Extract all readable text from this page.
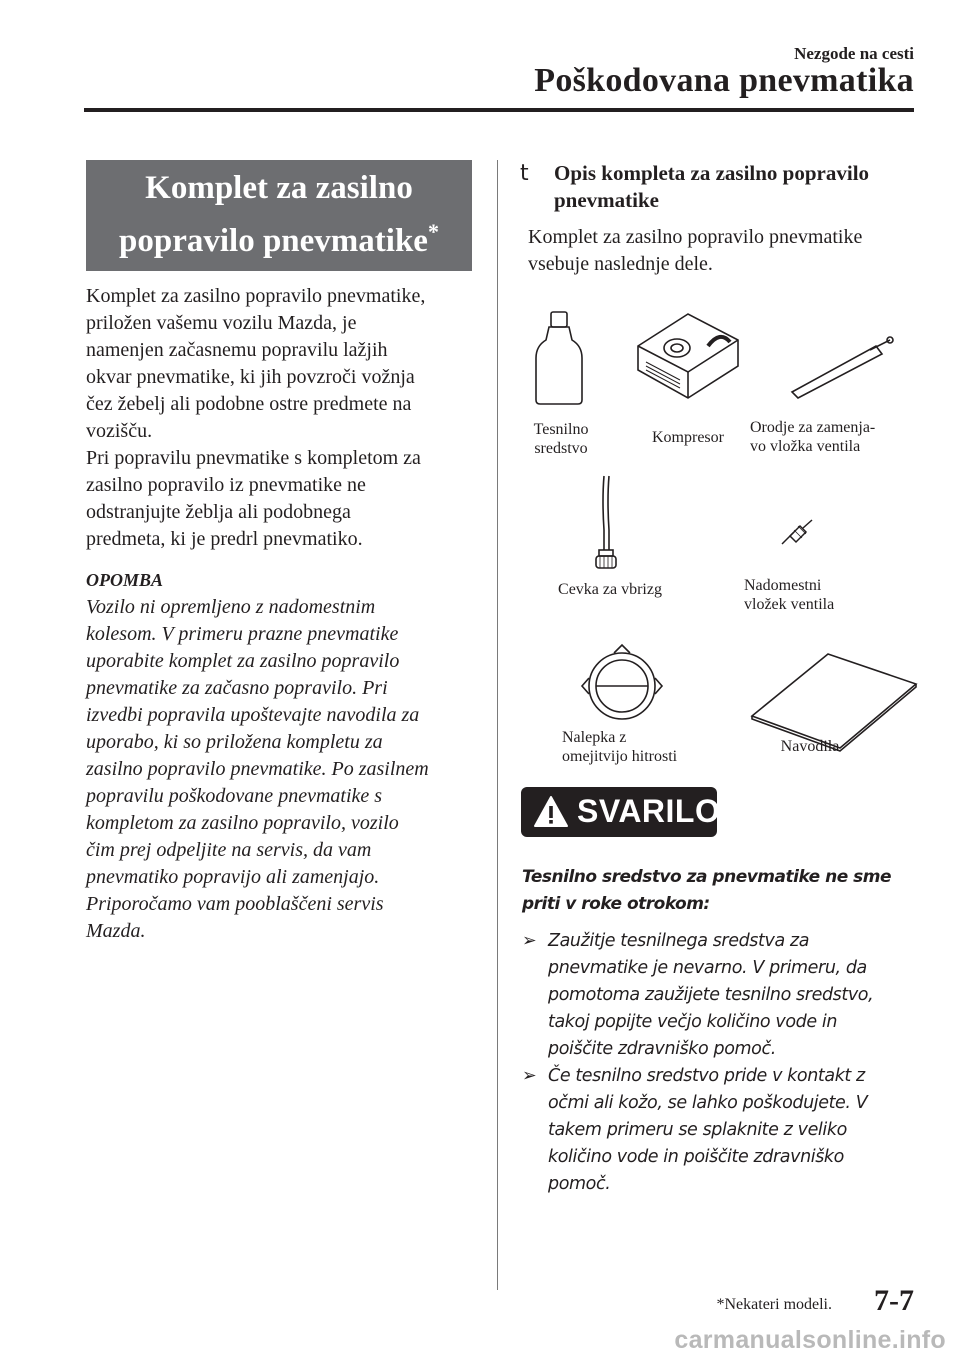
Nezgode na cesti
Poškodovana pnevmatika
Komplet za zasilno
popravilo pnevmatike*

Komplet za zasilno popravilo pnevmatike,

priložen vašemu vozilu Mazda, je

namenjen začasnemu popravilu lažjih

okvar pnevmatike, ki jih povzroči vožnja

čez žebelj ali podobne ostre predmete na

vozišču.

Pri popravilu pnevmatike s kompletom za

zasilno popravilo iz pnevmatike ne

odstranjujte žeblja ali podobnega

predmeta, ki je predrl pnevmatiko.

OPOMBA

Vozilo ni opremljeno z nadomestnim

kolesom. V primeru prazne pnevmatike

uporabite komplet za zasilno popravilo

pnevmatike za začasno popravilo. Pri

izvedbi popravila upoštevajte navodila za

uporabo, ki so priložena kompletu za

zasilno popravilo pnevmatike. Po zasilnem

popravilu poškodovane pnevmatike s

kompletom za zasilno popravilo, vozilo

čim prej odpeljite na servis, da vam

pnevmatiko popravijo ali zamenjajo.

Priporočamo vam pooblaščeni servis

Mazda.

t Opis kompleta za zasilno popravilo
pnevmatike
Komplet za zasilno popravilo pnevmatike
vsebuje naslednje dele.
Tesnilno
sredstvo
Kompresor
Orodje za zamenja-
vo vložka ventila
Cevka za vbrizg	Nadomestni
vložek ventila
Nalepka z
omejitvijo hitrosti
Navodila
SVARILO
Tesnilno sredstvo za pnevmatike ne sme
priti v roke otrokom:
➢ Zaužitje tesnilnega sredstva za
pnevmatike je nevarno. V primeru, da
pomotoma zaužijete tesnilno sredstvo,
takoj popijte večjo količino vode in
poiščite zdravniško pomoč.
➢ Če tesnilno sredstvo pride v kontakt z
očmi ali kožo, se lahko poškodujete. V
takem primeru se splaknite z veliko
količino vode in poiščite zdravniško
pomoč.
*Nekateri modeli. 7-7
carmanualsonline.info
